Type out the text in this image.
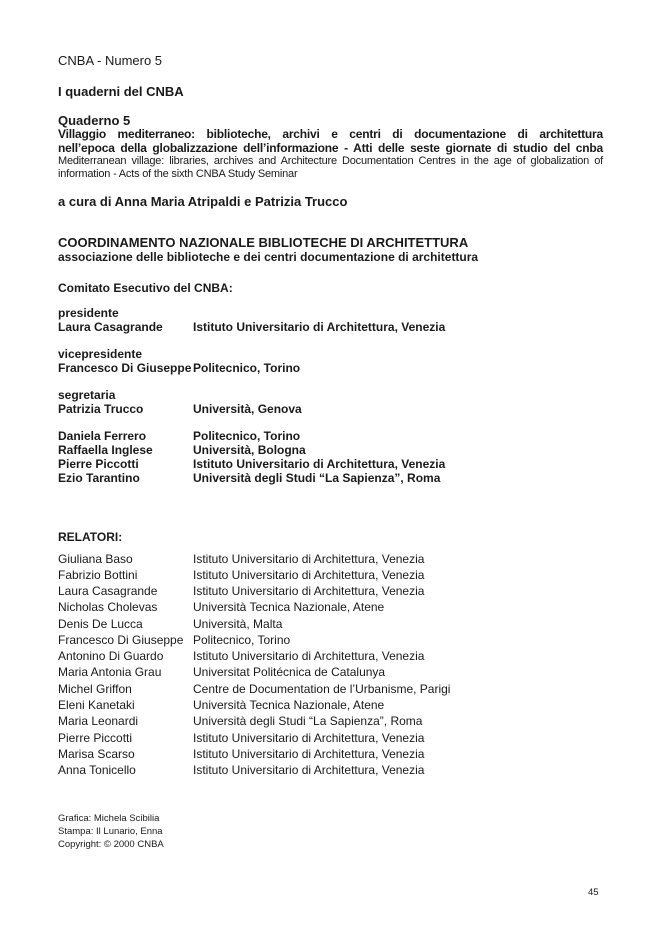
CNBA - Numero 5
I quaderni del CNBA
Quaderno 5
Villaggio mediterraneo: biblioteche, archivi e centri di documentazione di architettura
nell’epoca della globalizzazione dell’informazione - Atti delle seste giornate di studio del cnba
Mediterranean village: libraries, archives and Architecture Documentation Centres in the age of globalization of
information - Acts of the sixth CNBA Study Seminar
a cura di Anna Maria Atripaldi e Patrizia Trucco
COORDINAMENTO NAZIONALE BIBLIOTECHE DI ARCHITETTURA
associazione delle biblioteche e dei centri documentazione di architettura
Comitato Esecutivo del CNBA:
presidente
Laura Casagrande	Istituto Universitario di Architettura, Venezia
vicepresidente
Francesco Di Giuseppe Politecnico, Torino
segretaria
Patrizia Trucco	Università, Genova
Daniela Ferrero	Politecnico, Torino
Raffaella Inglese	Università, Bologna
Pierre Piccotti	Istituto Universitario di Architettura, Venezia
Ezio Tarantino	Università degli Studi “La Sapienza”, Roma
RELATORI:
Giuliana Baso	Istituto Universitario di Architettura, Venezia
Fabrizio Bottini	Istituto Universitario di Architettura, Venezia
Laura Casagrande	Istituto Universitario di Architettura, Venezia
Nicholas Cholevas	Università Tecnica Nazionale, Atene
Denis De Lucca	Università, Malta
Francesco Di Giuseppe Politecnico, Torino
Antonino Di Guardo Istituto Universitario di Architettura, Venezia
Maria Antonia Grau	Universitat Politécnica de Catalunya
Michel Griffon	Centre de Documentation de l’Urbanisme, Parigi
Eleni Kanetaki	Università Tecnica Nazionale, Atene
Maria Leonardi	Università degli Studi “La Sapienza”, Roma
Pierre Piccotti	Istituto Universitario di Architettura, Venezia
Marisa Scarso	Istituto Universitario di Architettura, Venezia
Anna Tonicello	Istituto Universitario di Architettura, Venezia
Grafica: Michela Scibilia
Stampa: Il Lunario, Enna
Copyright: © 2000 CNBA
45
